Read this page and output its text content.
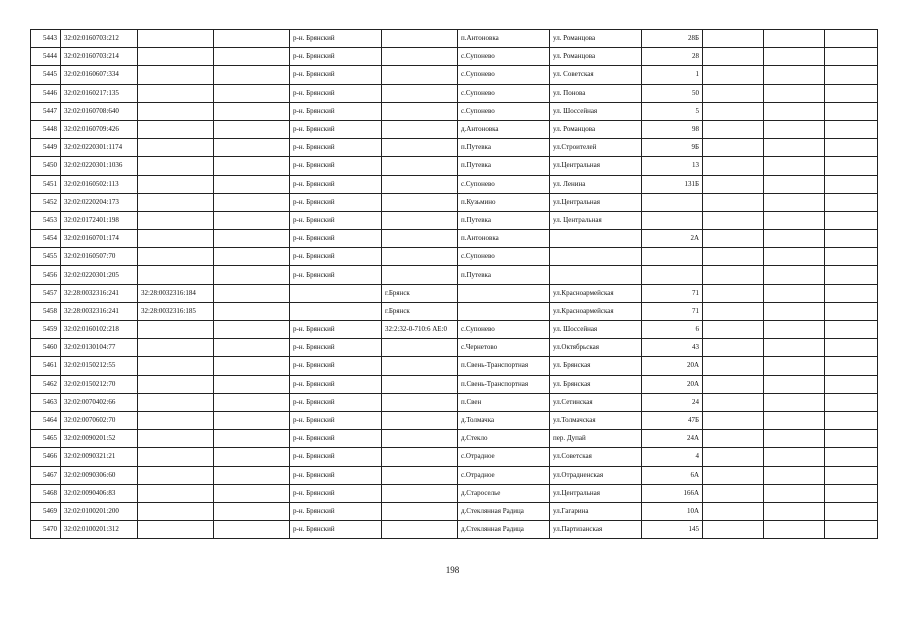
5443	32:02:0160703:212			р-н. Брянский		п.Антоновка	ул. Романцова	28Б			
5444	32:02:0160703:214			р-н. Брянский		с.Супонево	ул. Романцова	28			
5445	32:02:0160607:334			р-н. Брянский		с.Супонево	ул. Советская	1			
5446	32:02:0160217:135			р-н. Брянский		с.Супонево	ул. Понова	50			
5447	32:02:0160708:640			р-н. Брянский		с.Супонево	ул. Шоссейная	5			
5448	32:02:0160709:426			р-н. Брянский		д.Антоновка	ул. Романцова	98			
5449	32:02:0220301:1174			р-н. Брянский		п.Путевка	ул.Строителей	9Б			
5450	32:02:0220301:1036			р-н. Брянский		п.Путевка	ул.Центральная	13			
5451	32:02:0160502:113			р-н. Брянский		с.Супонево	ул. Ленина	131Б			
5452	32:02:0220204:173			р-н. Брянский		п.Кузьмино	ул.Центральная				
5453	32:02:0172401:198			р-н. Брянский		п.Путевка	ул. Центральная				
5454	32:02:0160701:174			р-н. Брянский		п.Антоновка		2А			
5455	32:02:0160507:70			р-н. Брянский		с.Супонево					
5456	32:02:0220301:205			р-н. Брянский		п.Путевка					
5457	32:28:0032316:241	32:28:0032316:184			г.Брянск		ул.Красноармейская	71			
5458	32:28:0032316:241	32:28:0032316:185			г.Брянск		ул.Красноармейская	71			
5459	32:02:0160102:218			р-н. Брянский	32:2:32-0-710:6 АЕ:0	с.Супонево	ул. Шоссейная	6			
5460	32:02:0130104:77			р-н. Брянский		с.Чернетово	ул.Октябрьская	43			
5461	32:02:0150212:55			р-н. Брянский		п.Свень-Транспортная	ул. Брянская	20А			
5462	32:02:0150212:70			р-н. Брянский		п.Свень-Транспортная	ул. Брянская	20А			
5463	32:02:0070402:66			р-н. Брянский		п.Свен	ул.Сетинская	24			
5464	32:02:0070602:70			р-н. Брянский		д.Толмачка	ул.Толмачская	47Б			
5465	32:02:0090201:52			р-н. Брянский		д.Стеклo	пер. Дупай	24А			
5466	32:02:0090321:21			р-н. Брянский		с.Отрадное	ул.Советская	4			
5467	32:02:0090306:60			р-н. Брянский		с.Отрадное	ул.Отрадненская	6А			
5468	32:02:0090406:83			р-н. Брянский		д.Староселье	ул.Центральная	166А			
5469	32:02:0100201:200			р-н. Брянский		д.Стеклянная Радица	ул.Гагарина	10А			
5470	32:02:0100201:312			р-н. Брянский		д.Стеклянная Радица	ул.Партизанская	145			
198
